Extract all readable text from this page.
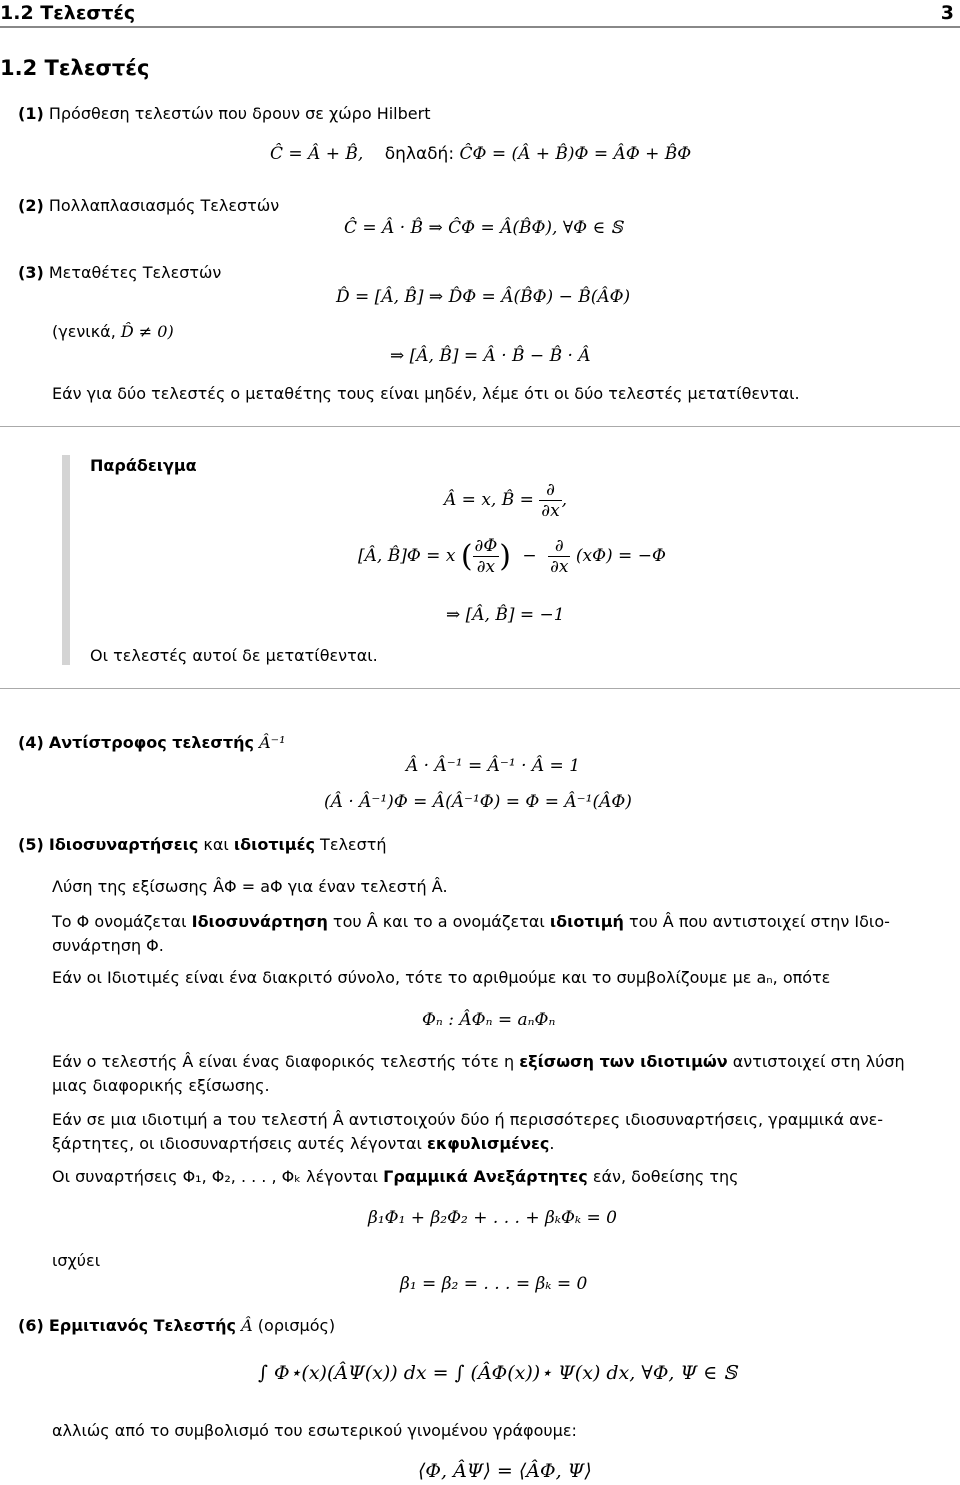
1.2 Τελεστές	3
1.2 Τελεστές
(1) Πρόσθεση τελεστών που δρουν σε χώρο Hilbert
Ĉ = Â + B̂, δηλαδή: ĈΦ = (Â + B̂)Φ = ÂΦ + B̂Φ
(2) Πολλαπλασιασμός Τελεστών
Ĉ = Â · B̂ ⇒ ĈΦ = Â(B̂Φ), ∀Φ ∈ 𝕊
(3) Μεταθέτες Τελεστών
D̂ = [Â, B̂] ⇒ D̂Φ = Â(B̂Φ) − B̂(ÂΦ)
(γενικά, D̂ ≠ 0)
⇒ [Â, B̂] = Â · B̂ − B̂ · Â
Εάν για δύο τελεστές ο μεταθέτης τους είναι μηδέν, λέμε ότι οι δύο τελεστές μετατίθενται.
Παράδειγμα
Â = x, B̂ = $\frac{\partial}{\partial x}$ ,
[Â, B̂]Φ = x ( $\frac{\partial\Phi}{\partial x}$ ) − $\frac{\partial}{\partial x} (x\Phi) = -\Phi$
⇒ [Â, B̂] = −1
Οι τελεστές αυτοί δε μετατίθενται.
(4) Αντίστροφος τελεστής Â⁻¹
Â · Â⁻¹ = Â⁻¹ · Â = 1
(Â · Â⁻¹)Φ = Â(Â⁻¹Φ) = Φ = Â⁻¹(ÂΦ)
(5) Ιδιοσυναρτήσεις και ιδιοτιμές Τελεστή
Λύση της εξίσωσης ÂΦ = aΦ για έναν τελεστή Â.
Το Φ ονομάζεται Ιδιοσυνάρτηση του Â και το a ονομάζεται ιδιοτιμή του Â που αντιστοιχεί στην Ιδιο-
συνάρτηση Φ.
Εάν οι Ιδιοτιμές είναι ένα διακριτό σύνολο, τότε το αριθμούμε και το συμβολίζουμε με aₙ, οπότε
Φₙ : ÂΦₙ = aₙΦₙ
Εάν ο τελεστής Â είναι ένας διαφορικός τελεστής τότε η εξίσωση των ιδιοτιμών αντιστοιχεί στη λύση
μιας διαφορικής εξίσωσης.
Εάν σε μια ιδιοτιμή a του τελεστή Â αντιστοιχούν δύο ή περισσότερες ιδιοσυναρτήσεις, γραμμικά ανε-
ξάρτητες, οι ιδιοσυναρτήσεις αυτές λέγονται εκφυλισμένες.
Οι συναρτήσεις Φ₁, Φ₂, . . . , Φₖ λέγονται Γραμμικά Ανεξάρτητες εάν, δοθείσης της
β₁Φ₁ + β₂Φ₂ + . . . + βₖΦₖ = 0
ισχύει
β₁ = β₂ = . . . = βₖ = 0
(6) Ερμιτιανός Τελεστής Â (ορισμός)
∫ Φ⋆(x)(ÂΨ(x)) dx = ∫ (ÂΦ(x))⋆ Ψ(x) dx, ∀Φ, Ψ ∈ 𝕊
αλλιώς από το συμβολισμό του εσωτερικού γινομένου γράφουμε:
⟨Φ, ÂΨ⟩ = ⟨ÂΦ, Ψ⟩
